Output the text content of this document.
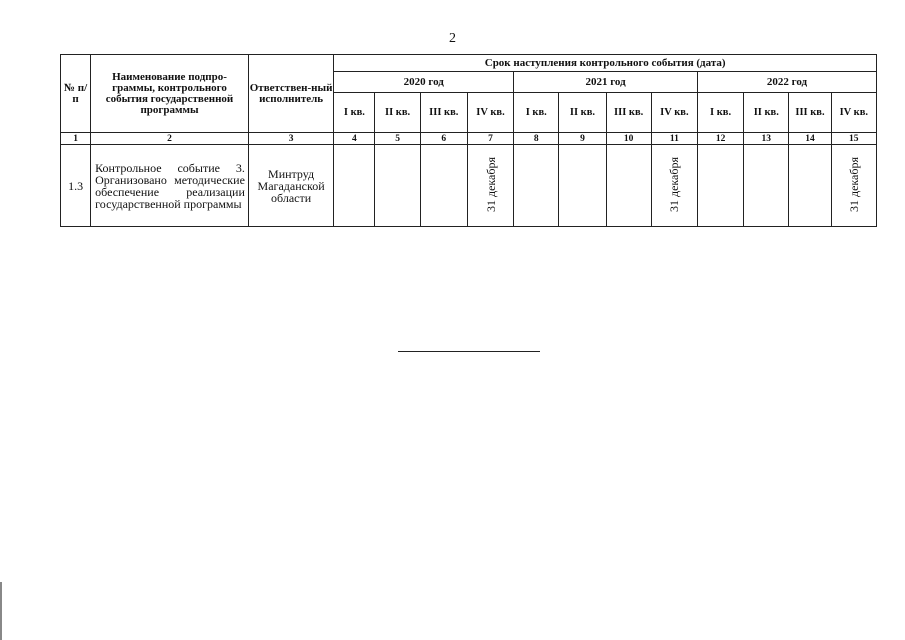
2
№ п/п	Наименование подпро-граммы, контрольного события государственной программы	Ответствен-ный исполнитель	Срок наступления контрольного события (дата)											
			2020 год				2021 год				2022 год			
			I кв.	II кв.	III кв.	IV кв.	I кв.	II кв.	III кв.	IV кв.	I кв.	II кв.	III кв.	IV кв.
1	2	3	4	5	6	7	8	9	10	11	12	13	14	15
1.3	Контрольное событие 3. Организовано методические обеспечение реализации государственной программы	Минтруд Магаданской области				31 декабря				31 декабря				31 декабря
